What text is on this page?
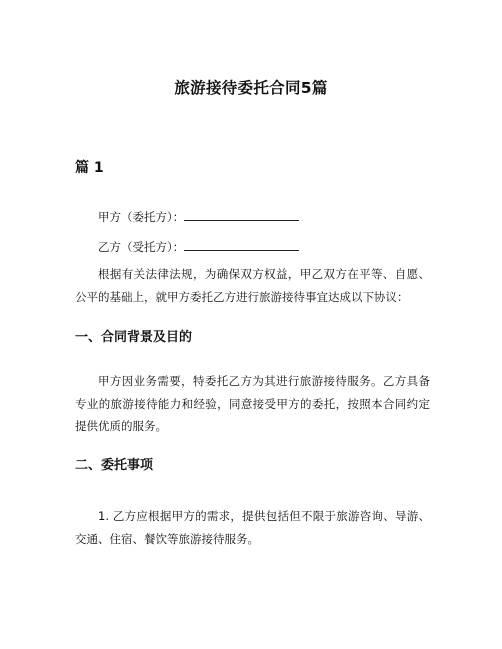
旅游接待委托合同5篇
篇 1
甲方（委托方）：
乙方（受托方）：

根据有关法律法规，为确保双方权益，甲乙双方在平等、自愿、公平的基础上，就甲方委托乙方进行旅游接待事宜达成以下协议：

一、合同背景及目的

甲方因业务需要，特委托乙方为其进行旅游接待服务。乙方具备专业的旅游接待能力和经验，同意接受甲方的委托，按照本合同约定提供优质的服务。

二、委托事项

1. 乙方应根据甲方的需求，提供包括但不限于旅游咨询、导游、交通、住宿、餐饮等旅游接待服务。
